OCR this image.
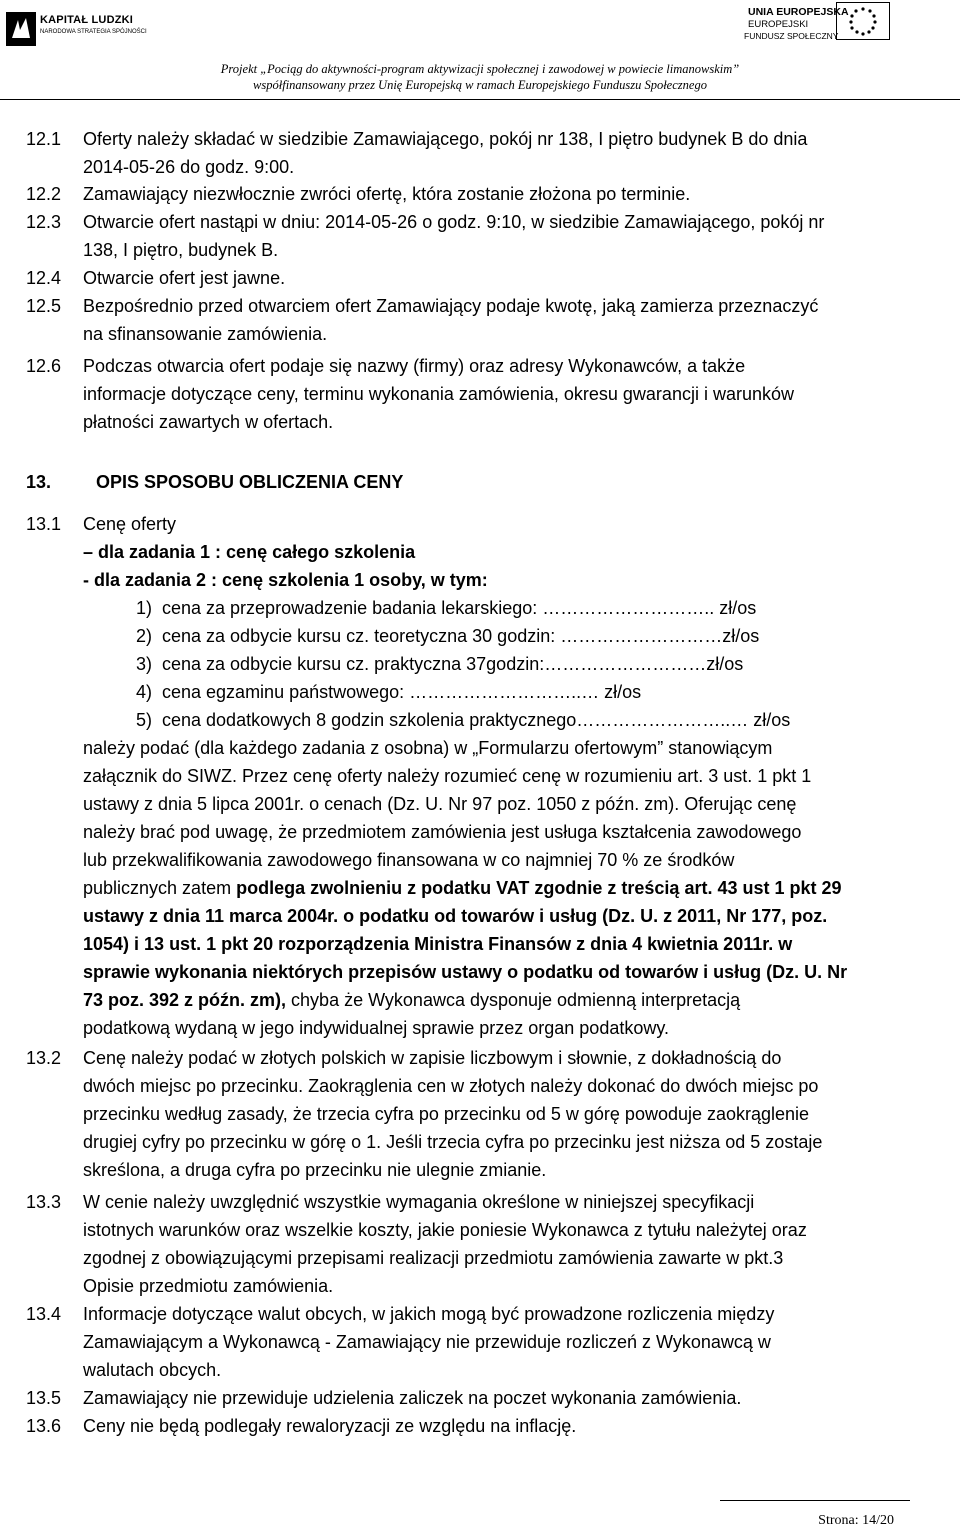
KAPITAŁ LUDZKI
NARODOWA STRATEGIA SPÓJNOŚCI
UNIA EUROPEJSKA
EUROPEJSKI
FUNDUSZ SPOŁECZNY
Projekt „Pociąg do aktywności-program aktywizacji społecznej i zawodowej w powiecie limanowskim”
współfinansowany przez Unię Europejską w ramach Europejskiego Funduszu Społecznego
12.1 Oferty należy składać w siedzibie Zamawiającego, pokój nr 138, I piętro budynek B do dnia
2014-05-26 do godz. 9:00.
12.2 Zamawiający niezwłocznie zwróci ofertę, która zostanie złożona po terminie.
12.3 Otwarcie ofert nastąpi w dniu: 2014-05-26 o godz. 9:10, w siedzibie Zamawiającego, pokój nr
138, I piętro, budynek B.
12.4 Otwarcie ofert jest jawne.
12.5 Bezpośrednio przed otwarciem ofert Zamawiający podaje kwotę, jaką zamierza przeznaczyć
na sfinansowanie zamówienia.
12.6 Podczas otwarcia ofert podaje się nazwy (firmy) oraz adresy Wykonawców, a także
informacje dotyczące ceny, terminu wykonania zamówienia, okresu gwarancji i warunków
płatności zawartych w ofertach.
13. OPIS SPOSOBU OBLICZENIA CENY
13.1 Cenę oferty
– dla zadania 1 : cenę całego szkolenia
- dla zadania 2 : cenę szkolenia 1 osoby, w tym:
1) cena za przeprowadzenie badania lekarskiego: ……………………….. zł/os
2) cena za odbycie kursu cz. teoretyczna 30 godzin: ………………………zł/os
3) cena za odbycie kursu cz. praktyczna 37godzin:………………………zł/os
4) cena egzaminu państwowego: ………………………..… zł/os
5) cena dodatkowych 8 godzin szkolenia praktycznego……………………..… zł/os
należy podać (dla każdego zadania z osobna) w „Formularzu ofertowym” stanowiącym
załącznik do SIWZ. Przez cenę oferty należy rozumieć cenę w rozumieniu art. 3 ust. 1 pkt 1
ustawy z dnia 5 lipca 2001r. o cenach (Dz. U. Nr 97 poz. 1050 z późn. zm). Oferując cenę
należy brać pod uwagę, że przedmiotem zamówienia jest usługa kształcenia zawodowego
lub przekwalifikowania zawodowego finansowana w co najmniej 70 % ze środków
publicznych zatem podlega zwolnieniu z podatku VAT zgodnie z treścią art. 43 ust 1 pkt 29
ustawy z dnia 11 marca 2004r. o podatku od towarów i usług (Dz. U. z 2011, Nr 177, poz.
1054) i 13 ust. 1 pkt 20 rozporządzenia Ministra Finansów z dnia 4 kwietnia 2011r. w
sprawie wykonania niektórych przepisów ustawy o podatku od towarów i usług (Dz. U. Nr
73 poz. 392 z późn. zm), chyba że Wykonawca dysponuje odmienną interpretacją
podatkową wydaną w jego indywidualnej sprawie przez organ podatkowy.
13.2 Cenę należy podać w złotych polskich w zapisie liczbowym i słownie, z dokładnością do
dwóch miejsc po przecinku. Zaokrąglenia cen w złotych należy dokonać do dwóch miejsc po
przecinku według zasady, że trzecia cyfra po przecinku od 5 w górę powoduje zaokrąglenie
drugiej cyfry po przecinku w górę o 1. Jeśli trzecia cyfra po przecinku jest niższa od 5 zostaje
skreślona, a druga cyfra po przecinku nie ulegnie zmianie.
13.3 W cenie należy uwzględnić wszystkie wymagania określone w niniejszej specyfikacji
istotnych warunków oraz wszelkie koszty, jakie poniesie Wykonawca z tytułu należytej oraz
zgodnej z obowiązującymi przepisami realizacji przedmiotu zamówienia zawarte w pkt.3
Opisie przedmiotu zamówienia.
13.4 Informacje dotyczące walut obcych, w jakich mogą być prowadzone rozliczenia między
Zamawiającym a Wykonawcą - Zamawiający nie przewiduje rozliczeń z Wykonawcą w
walutach obcych.
13.5 Zamawiający nie przewiduje udzielenia zaliczek na poczet wykonania zamówienia.
13.6 Ceny nie będą podlegały rewaloryzacji ze względu na inflację.
Strona: 14/20
